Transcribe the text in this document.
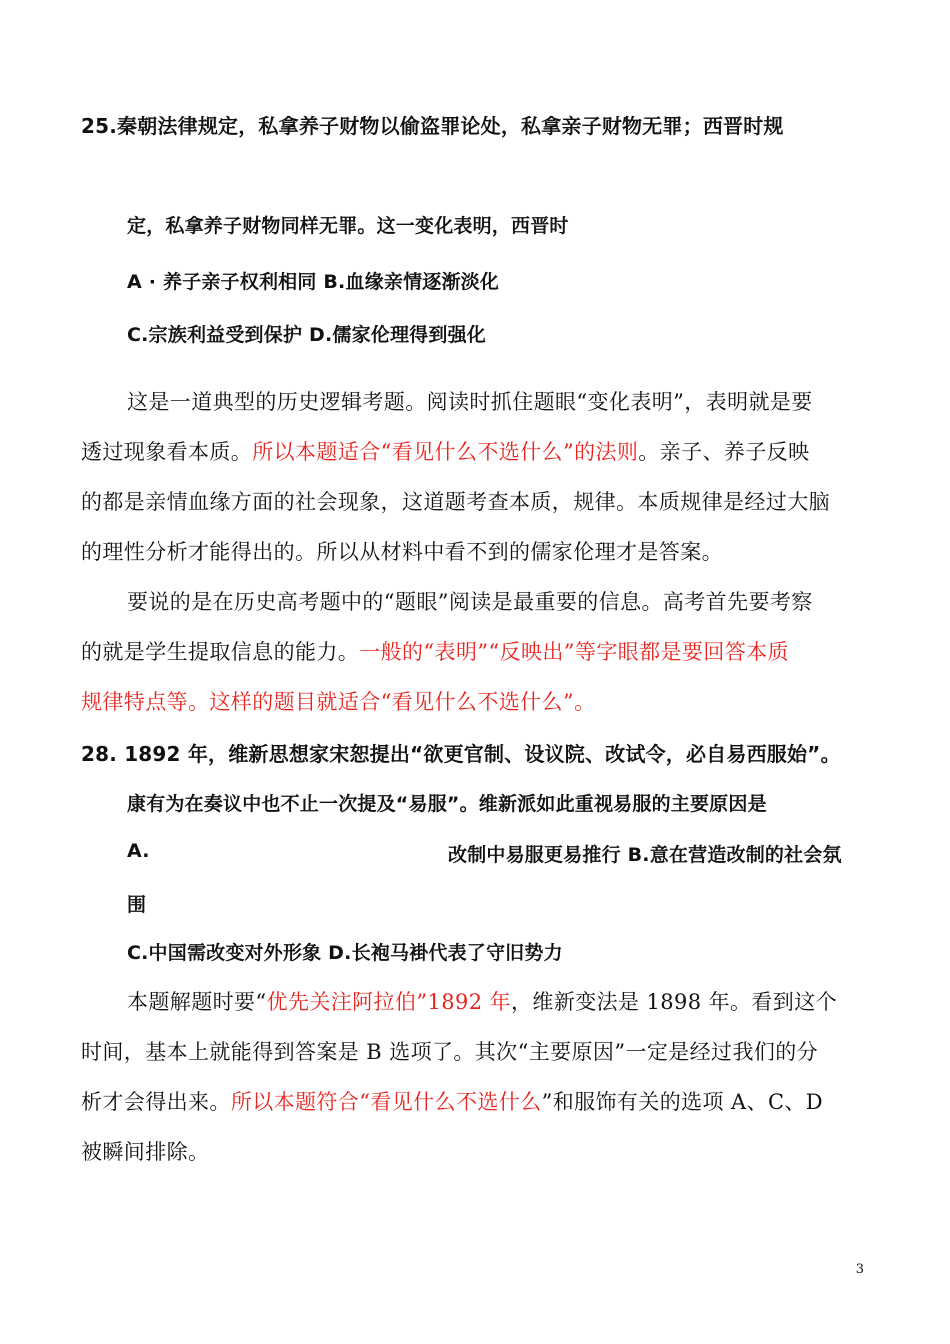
25.秦朝法律规定，私拿养子财物以偷盗罪论处，私拿亲子财物无罪；西晋时规
定，私拿养子财物同样无罪。这一变化表明，西晋时
A · 养子亲子权利相同 B.血缘亲情逐渐淡化
C.宗族利益受到保护 D.儒家伦理得到强化
这是一道典型的历史逻辑考题。阅读时抓住题眼“变化表明”，表明就是要
透过现象看本质。所以本题适合“看见什么不选什么”的法则。亲子、养子反映
的都是亲情血缘方面的社会现象，这道题考查本质，规律。本质规律是经过大脑
的理性分析才能得出的。所以从材料中看不到的儒家伦理才是答案。
要说的是在历史高考题中的“题眼”阅读是最重要的信息。高考首先要考察
的就是学生提取信息的能力。一般的“表明”“反映出”等字眼都是要回答本质
规律特点等。这样的题目就适合“看见什么不选什么”。
28. 1892 年，维新思想家宋恕提出“欲更官制、设议院、改试令，必自易西服始”。
康有为在奏议中也不止一次提及“易服”。维新派如此重视易服的主要原因是
A.	改制中易服更易推行 B.意在营造改制的社会氛
围
C.中国需改变对外形象 D.长袍马褂代表了守旧势力
本题解题时要“优先关注阿拉伯”1892 年，维新变法是 1898 年。看到这个
时间，基本上就能得到答案是 B 选项了。其次“主要原因”一定是经过我们的分
析才会得出来。所以本题符合“看见什么不选什么”和服饰有关的选项 A、C、D
被瞬间排除。
3
